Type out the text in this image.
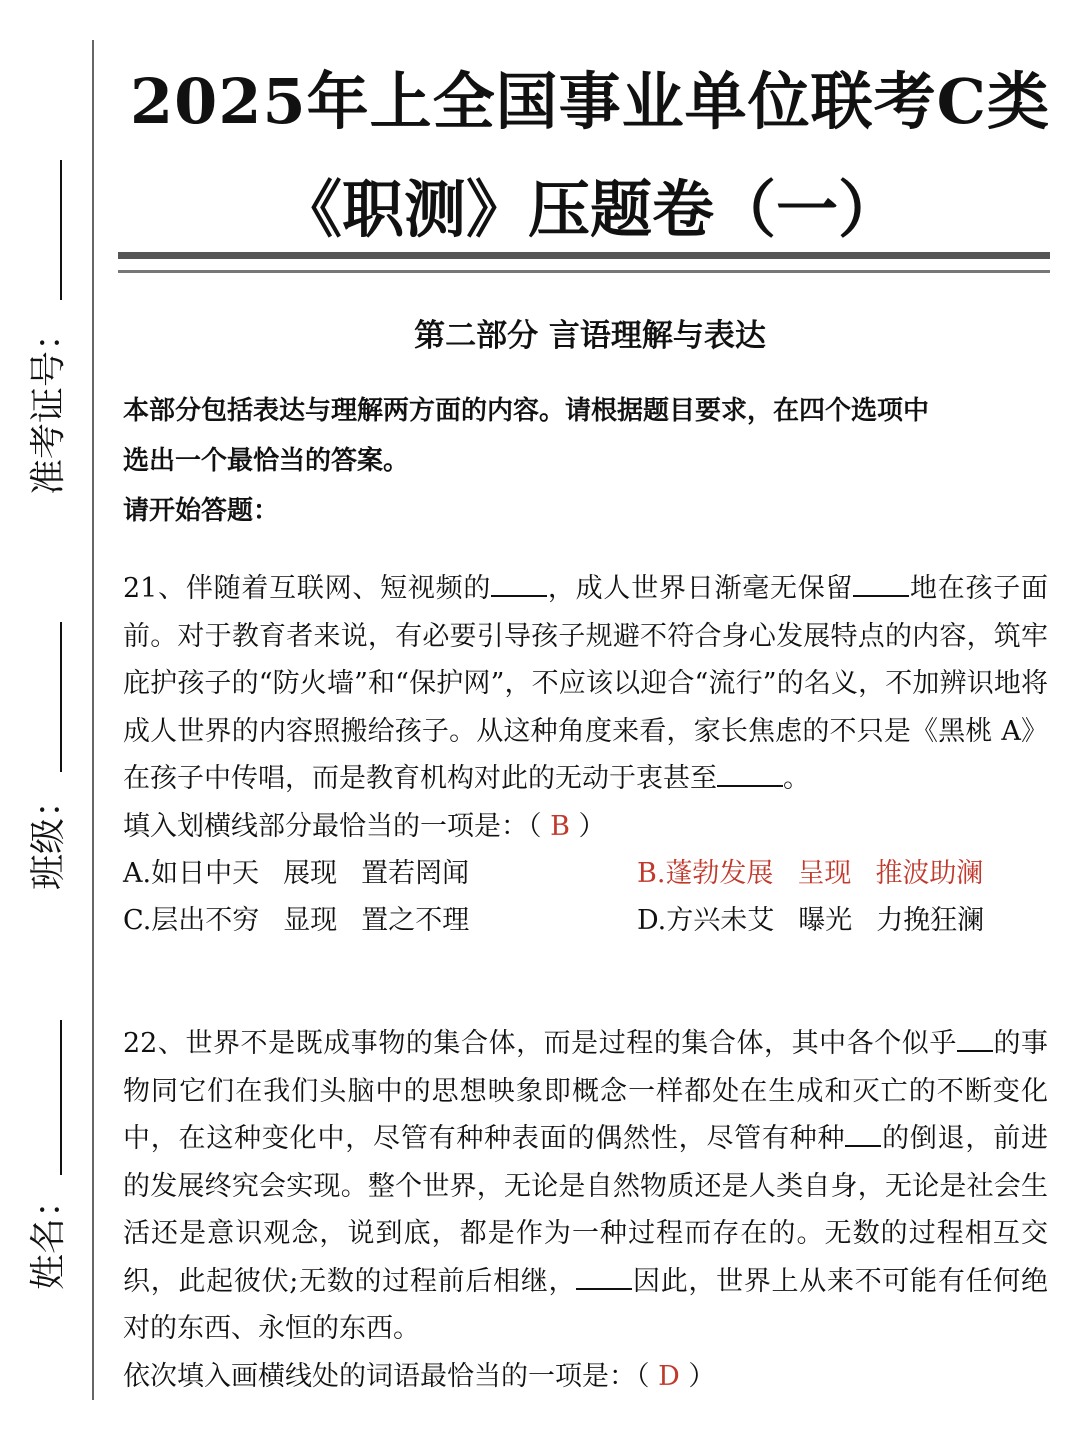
准考证号：
班级：
姓名：
2025年上全国事业单位联考C类
《职测》压题卷（一）
第二部分 言语理解与表达

本部分包括表达与理解两方面的内容。请根据题目要求，在四个选项中

选出一个最恰当的答案。

请开始答题：

21、伴随着互联网、短视频的 ，成人世界日渐毫无保留 地在孩子面前。对于教育者来说，有必要引导孩子规避不符合身心发展特点的内容，筑牢庇护孩子的“防火墙”和“保护网”，不应该以迎合“流行”的名义，不加辨识地将成人世界的内容照搬给孩子。从这种角度来看，家长焦虑的不只是《黑桃 A》在孩子中传唱，而是教育机构对此的无动于衷甚至 。

填入划横线部分最恰当的一项是：（ B ）

A.如日中天 展现 置若罔闻	B.蓬勃发展 呈现 推波助澜
C.层出不穷 显现 置之不理	D.方兴未艾 曝光 力挽狂澜

22、世界不是既成事物的集合体，而是过程的集合体，其中各个似乎 的事物同它们在我们头脑中的思想映象即概念一样都处在生成和灭亡的不断变化中，在这种变化中，尽管有种种表面的偶然性，尽管有种种 的倒退，前进的发展终究会实现。整个世界，无论是自然物质还是人类自身，无论是社会生活还是意识观念，说到底，都是作为一种过程而存在的。无数的过程相互交织，此起彼伏;无数的过程前后相继， 因此，世界上从来不可能有任何绝对的东西、永恒的东西。

依次填入画横线处的词语最恰当的一项是：（ D ）
